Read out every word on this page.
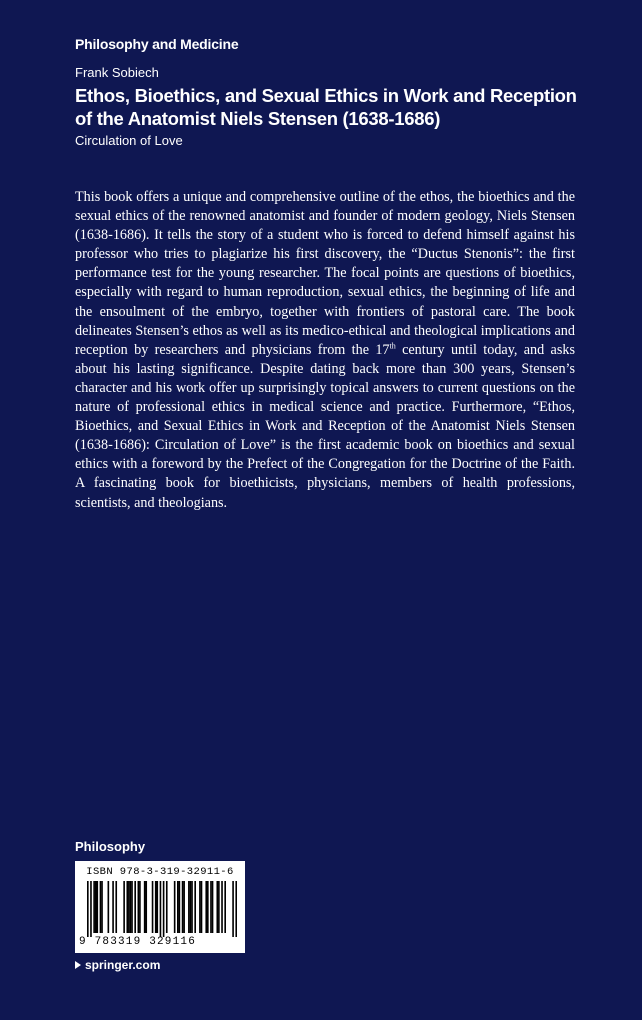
Philosophy and Medicine
Frank Sobiech
Ethos, Bioethics, and Sexual Ethics in Work and Reception of the Anatomist Niels Stensen (1638-1686)
Circulation of Love

This book offers a unique and comprehensive outline of the ethos, the bioethics and the sexual ethics of the renowned anatomist and founder of modern geology, Niels Stensen (1638-1686). It tells the story of a student who is forced to defend himself against his professor who tries to plagiarize his first discovery, the “Ductus Stenonis”: the first performance test for the young researcher. The focal points are questions of bioethics, especially with regard to human reproduction, sexual ethics, the beginning of life and the ensoulment of the embryo, together with frontiers of pastoral care. The book delineates Stensen’s ethos as well as its medico-ethical and theological implications and reception by researchers and physicians from the 17th century until today, and asks about his lasting significance. Despite dating back more than 300 years, Stensen’s character and his work offer up surprisingly topical answers to current questions on the nature of professional ethics in medical science and practice. Furthermore, “Ethos, Bioethics, and Sexual Ethics in Work and Reception of the Anatomist Niels Stensen (1638-1686): Circulation of Love” is the first academic book on bioethics and sexual ethics with a foreword by the Prefect of the Congregation for the Doctrine of the Faith. A fascinating book for bioethicists, physicians, members of health professions, scientists, and theologians.

Philosophy
ISBN 978-3-319-32911-6
9 783319 329116
springer.com
